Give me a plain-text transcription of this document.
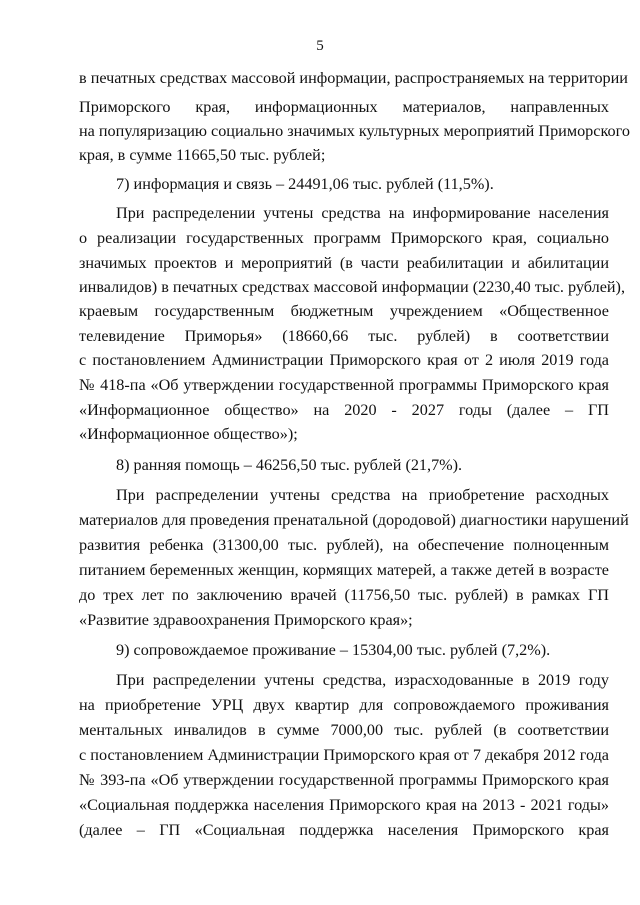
5
в печатных средствах массовой информации, распространяемых на территории
Приморского края, информационных материалов, направленных
на популяризацию социально значимых культурных мероприятий Приморского
края, в сумме 11665,50 тыс. рублей;
7) информация и связь – 24491,06 тыс. рублей (11,5%).
При распределении учтены средства на информирование населения
о реализации государственных программ Приморского края, социально
значимых проектов и мероприятий (в части реабилитации и абилитации
инвалидов) в печатных средствах массовой информации (2230,40 тыс. рублей),
краевым государственным бюджетным учреждением «Общественное
телевидение Приморья» (18660,66 тыс. рублей) в соответствии
с постановлением Администрации Приморского края от 2 июля 2019 года
№ 418-па «Об утверждении государственной программы Приморского края
«Информационное общество» на 2020 - 2027 годы (далее – ГП
«Информационное общество»);
8) ранняя помощь – 46256,50 тыс. рублей (21,7%).
При распределении учтены средства на приобретение расходных
материалов для проведения пренатальной (дородовой) диагностики нарушений
развития ребенка (31300,00 тыс. рублей), на обеспечение полноценным
питанием беременных женщин, кормящих матерей, а также детей в возрасте
до трех лет по заключению врачей (11756,50 тыс. рублей) в рамках ГП
«Развитие здравоохранения Приморского края»;
9) сопровождаемое проживание – 15304,00 тыс. рублей (7,2%).
При распределении учтены средства, израсходованные в 2019 году
на приобретение УРЦ двух квартир для сопровождаемого проживания
ментальных инвалидов в сумме 7000,00 тыс. рублей (в соответствии
с постановлением Администрации Приморского края от 7 декабря 2012 года
№ 393-па «Об утверждении государственной программы Приморского края
«Социальная поддержка населения Приморского края на 2013 - 2021 годы»
(далее – ГП «Социальная поддержка населения Приморского края
